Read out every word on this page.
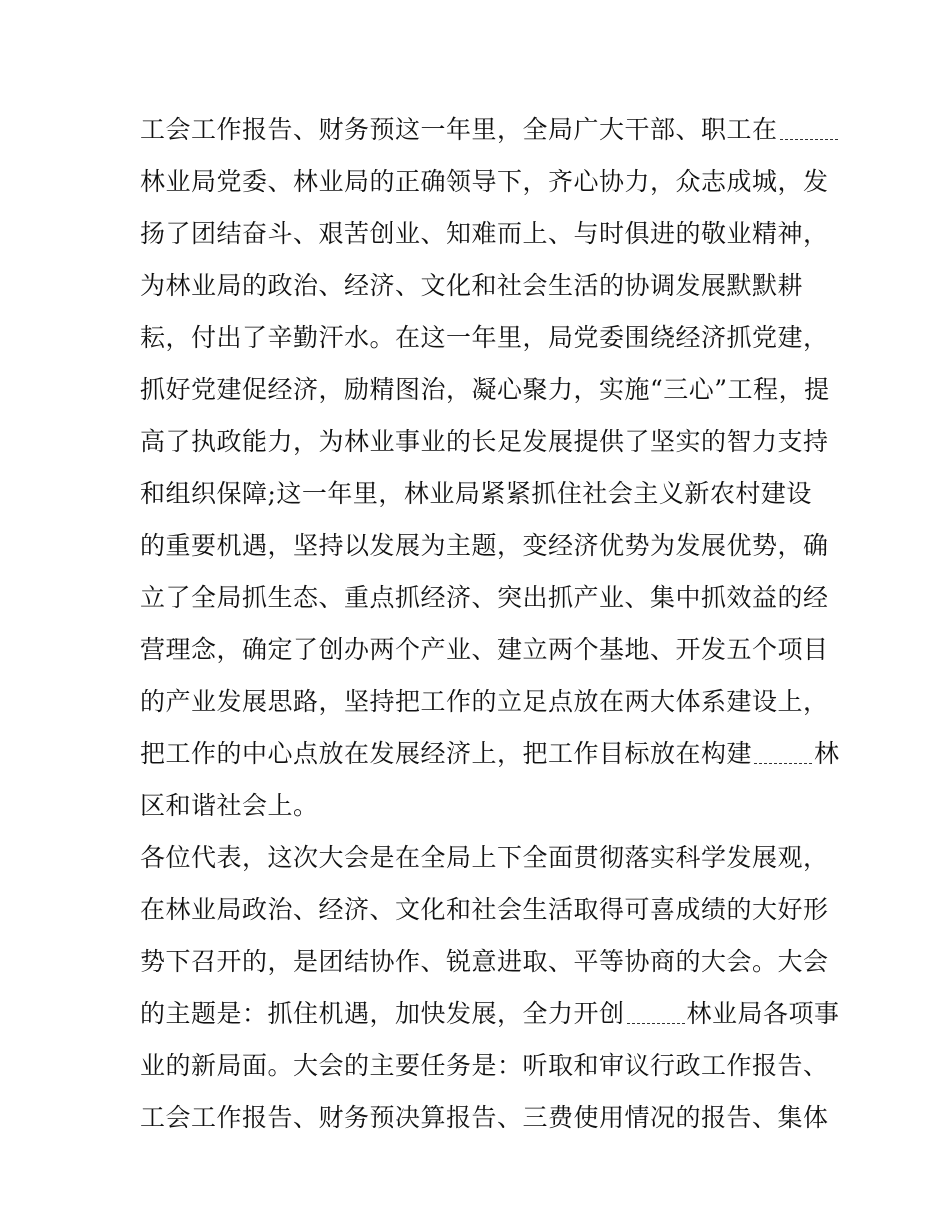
工会工作报告、财务预这一年里，全局广大干部、职工在
林业局党委、林业局的正确领导下，齐心协力，众志成城，发
扬了团结奋斗、艰苦创业、知难而上、与时俱进的敬业精神，
为林业局的政治、经济、文化和社会生活的协调发展默默耕
耘，付出了辛勤汗水。在这一年里，局党委围绕经济抓党建，
抓好党建促经济，励精图治，凝心聚力，实施“三心”工程，提
高了执政能力，为林业事业的长足发展提供了坚实的智力支持
和组织保障;这一年里，林业局紧紧抓住社会主义新农村建设
的重要机遇，坚持以发展为主题，变经济优势为发展优势，确
立了全局抓生态、重点抓经济、突出抓产业、集中抓效益的经
营理念，确定了创办两个产业、建立两个基地、开发五个项目
的产业发展思路，坚持把工作的立足点放在两大体系建设上，
把工作的中心点放在发展经济上，把工作目标放在构建 林
区和谐社会上。
各位代表，这次大会是在全局上下全面贯彻落实科学发展观，
在林业局政治、经济、文化和社会生活取得可喜成绩的大好形
势下召开的，是团结协作、锐意进取、平等协商的大会。大会
的主题是：抓住机遇，加快发展，全力开创 林业局各项事
业的新局面。大会的主要任务是：听取和审议行政工作报告、
工会工作报告、财务预决算报告、三费使用情况的报告、集体
